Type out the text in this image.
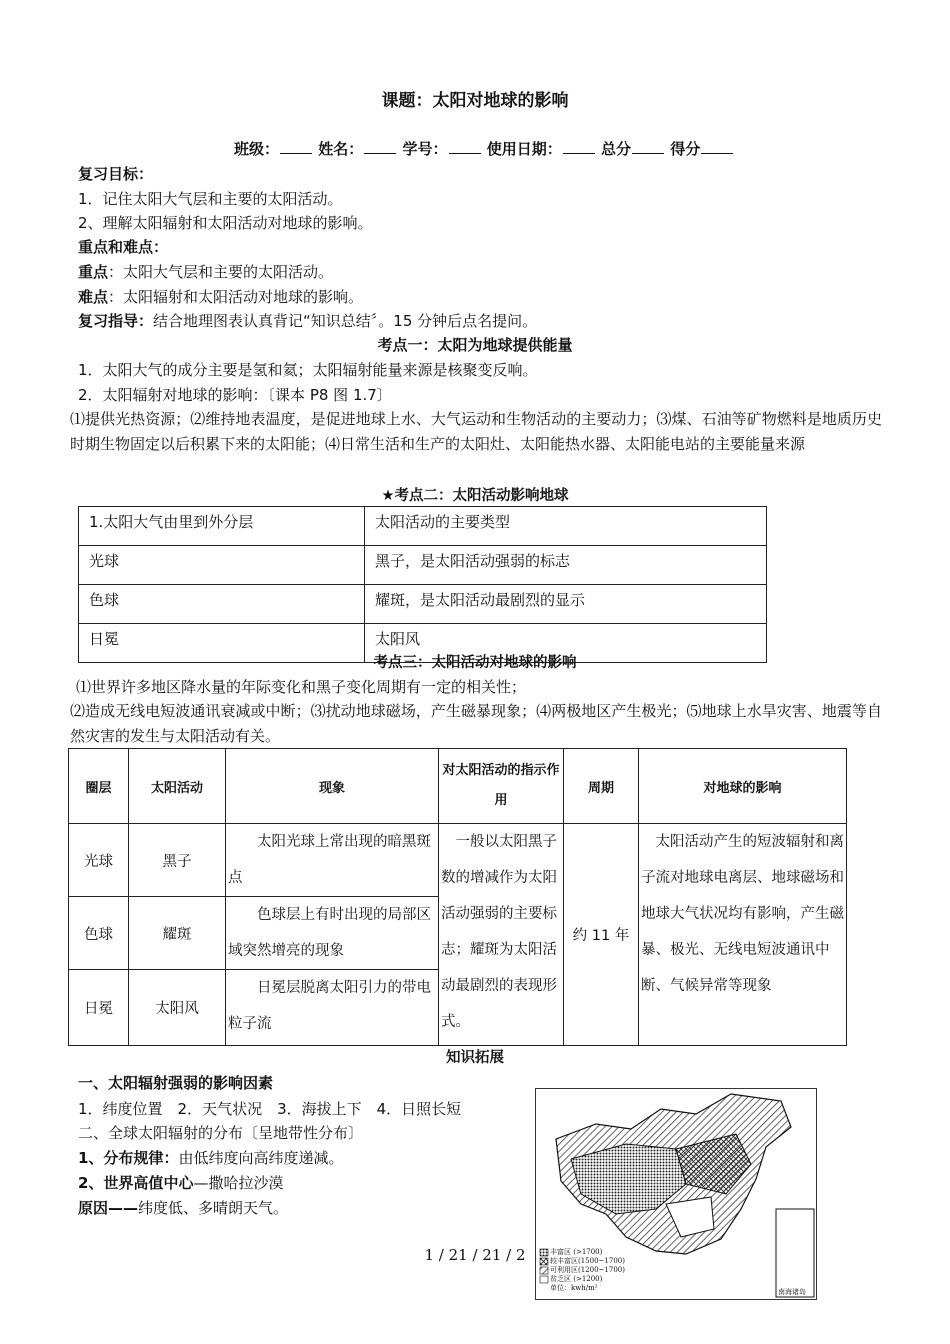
课题：太阳对地球的影响
班级：	姓名：	学号：	使用日期：	总分	得分
复习目标：
1．记住太阳大气层和主要的太阳活动。
2、理解太阳辐射和太阳活动对地球的影响。
重点和难点：
重点：太阳大气层和主要的太阳活动。
难点：太阳辐射和太阳活动对地球的影响。
复习指导：结合地理图表认真背记“知识总结〞。15 分钟后点名提问。
考点一：太阳为地球提供能量
1．太阳大气的成分主要是氢和氦；太阳辐射能量来源是核聚变反响。
2．太阳辐射对地球的影响：〔课本 P8 图 1.7〕
⑴提供光热资源；⑵维持地表温度，是促进地球上水、大气运动和生物活动的主要动力；⑶煤、石油等矿物燃料是地质历史时期生物固定以后积累下来的太阳能；⑷日常生活和生产的太阳灶、太阳能热水器、太阳能电站的主要能量来源
★考点二：太阳活动影响地球
1.太阳大气由里到外分层	太阳活动的主要类型
光球	黑子，是太阳活动强弱的标志
色球	耀斑，是太阳活动最剧烈的显示
日冕	太阳风
考点三：太阳活动对地球的影响
⑴世界许多地区降水量的年际变化和黑子变化周期有一定的相关性；
⑵造成无线电短波通讯衰减或中断；⑶扰动地球磁场，产生磁暴现象；⑷两极地区产生极光；⑸地球上水旱灾害、地震等自然灾害的发生与太阳活动有关。
圈层	太阳活动	现象	对太阳活动的指示作用	周期	对地球的影响
光球	黑子	太阳光球上常出现的暗黑斑点	一般以太阳黑子数的增减作为太阳活动强弱的主要标志；耀斑为太阳活动最剧烈的表现形式。	约 11 年	太阳活动产生的短波辐射和离子流对地球电离层、地球磁场和地球大气状况均有影响，产生磁暴、极光、无线电短波通讯中断、气候异常等现象
色球	耀斑	色球层上有时出现的局部区域突然增亮的现象			
日冕	太阳风	日冕层脱离太阳引力的带电粒子流			
知识拓展
一、太阳辐射强弱的影响因素
1．纬度位置　2．天气状况　3．海拔上下　4．日照长短
二、全球太阳辐射的分布〔呈地带性分布〕
1、分布规律：由低纬度向高纬度递减。
2、世界高值中心—撒哈拉沙漠
原因——纬度低、多晴朗天气。
丰富区 (>1700)
较丰富区(1500~1700)
可利用区(1200~1700)
贫乏区 (>1200)
单位：kwh/m²	南海诸岛
1 / 21 / 21 / 2
